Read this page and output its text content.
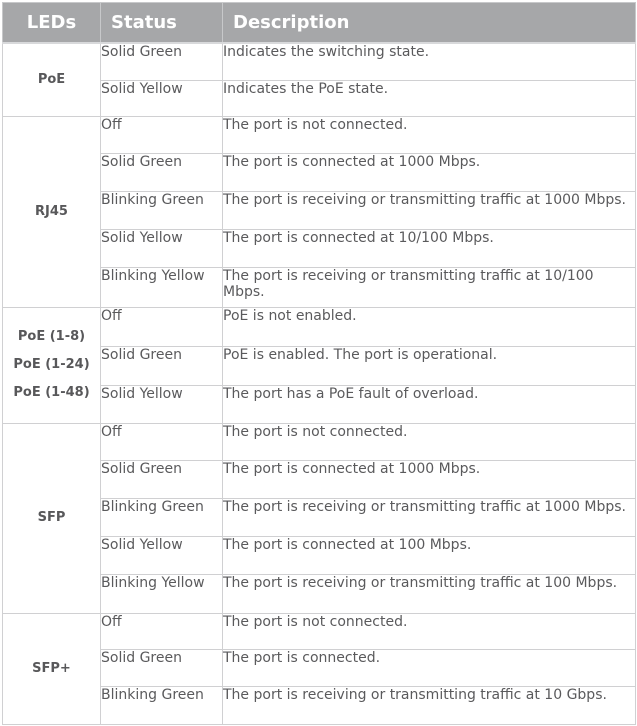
LEDs	Status	Description

PoE	Solid Green	Indicates the switching state.
	Solid Yellow	Indicates the PoE state.

RJ45	Off	The port is not connected.
	Solid Green	The port is connected at 1000 Mbps.
	Blinking Green	The port is receiving or transmitting traffic at 1000 Mbps.
	Solid Yellow	The port is connected at 10/100 Mbps.
	Blinking Yellow	The port is receiving or transmitting traffic at 10/100 Mbps.

PoE (1-8)
PoE (1-24)
PoE (1-48)	Off	PoE is not enabled.
	Solid Green	PoE is enabled. The port is operational.
	Solid Yellow	The port has a PoE fault of overload.

SFP	Off	The port is not connected.
	Solid Green	The port is connected at 1000 Mbps.
	Blinking Green	The port is receiving or transmitting traffic at 1000 Mbps.
	Solid Yellow	The port is connected at 100 Mbps.
	Blinking Yellow	The port is receiving or transmitting traffic at 100 Mbps.

SFP+	Off	The port is not connected.
	Solid Green	The port is connected.
	Blinking Green	The port is receiving or transmitting traffic at 10 Gbps.
